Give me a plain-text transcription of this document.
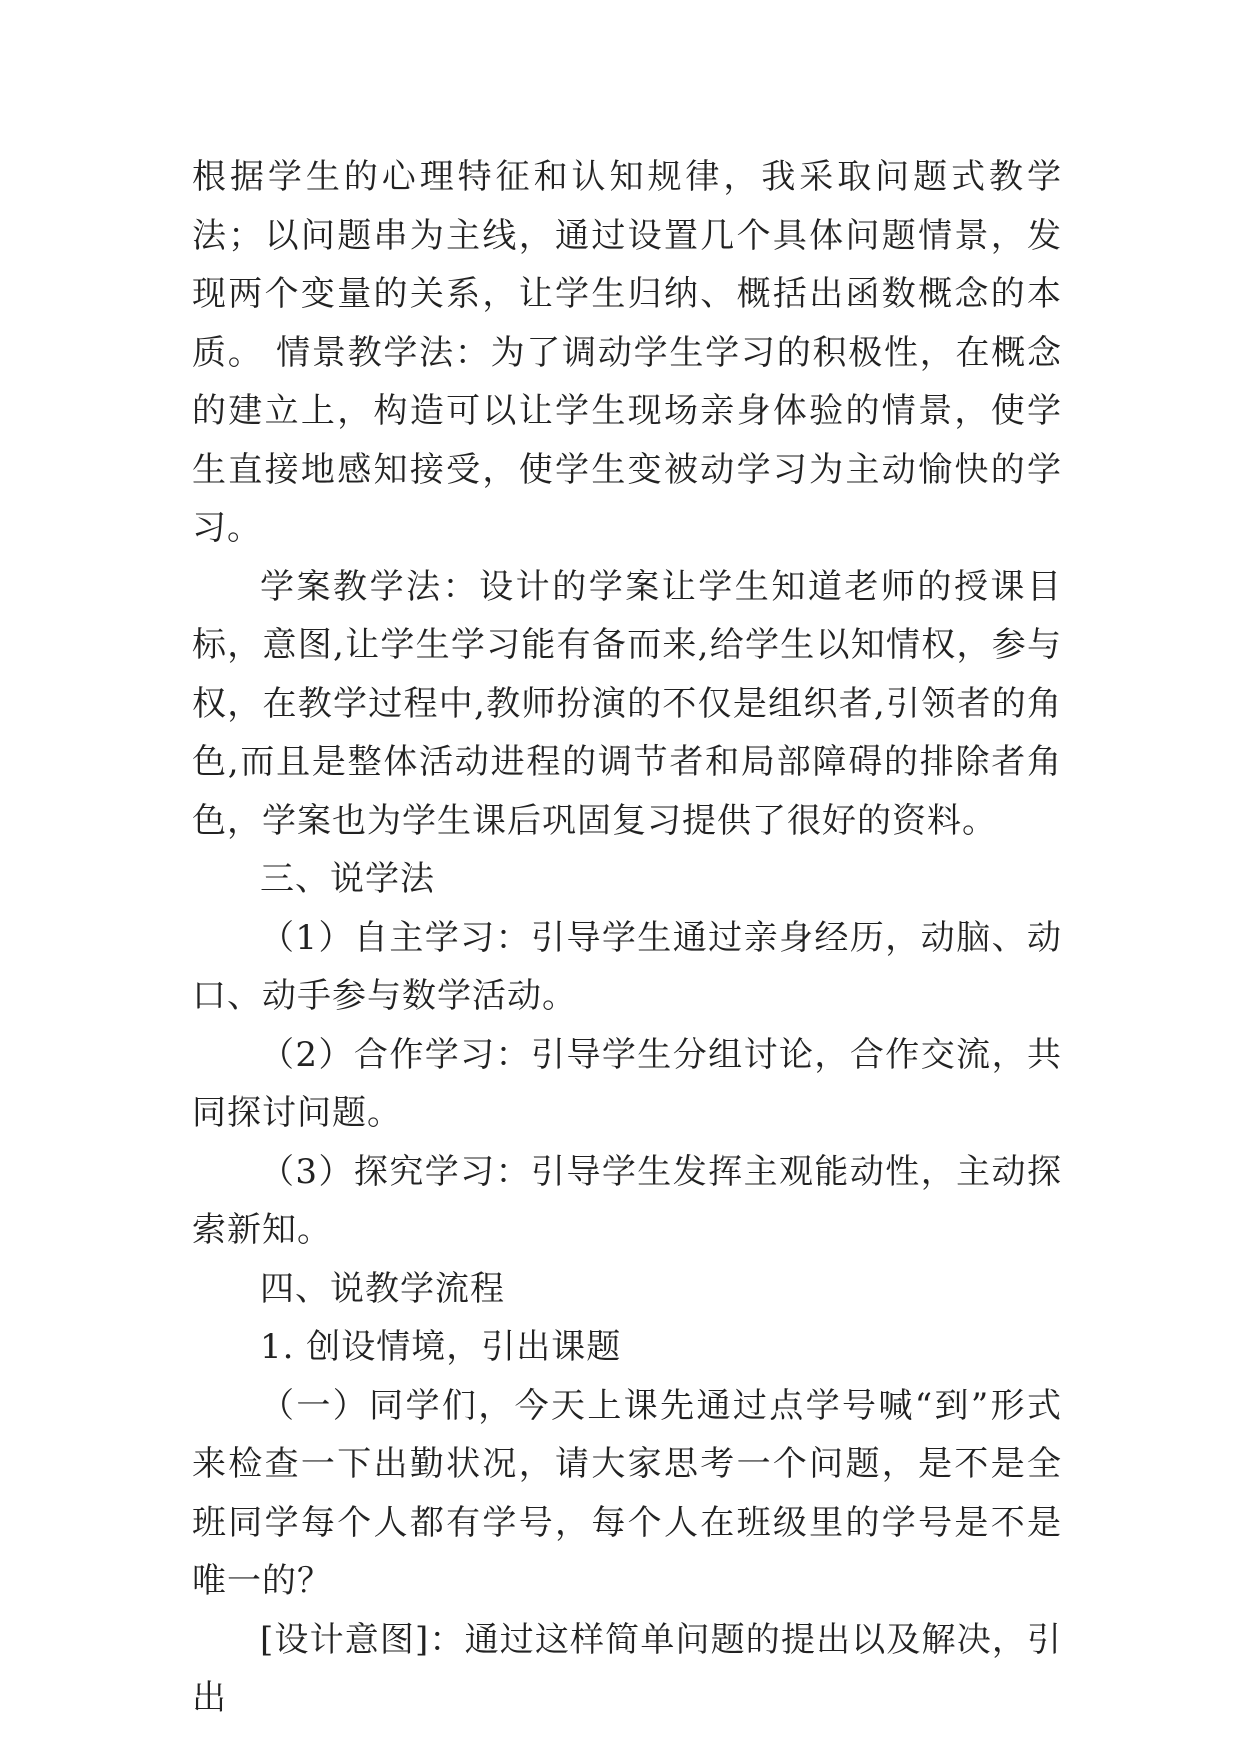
根据学生的心理特征和认知规律，我采取问题式教学法；以问题串为主线，通过设置几个具体问题情景，发现两个变量的关系，让学生归纳、概括出函数概念的本质。 情景教学法：为了调动学生学习的积极性，在概念的建立上，构造可以让学生现场亲身体验的情景，使学生直接地感知接受，使学生变被动学习为主动愉快的学习。

学案教学法：设计的学案让学生知道老师的授课目标，意图,让学生学习能有备而来,给学生以知情权，参与权，在教学过程中,教师扮演的不仅是组织者,引领者的角色,而且是整体活动进程的调节者和局部障碍的排除者角色，学案也为学生课后巩固复习提供了很好的资料。

三、说学法

（1）自主学习：引导学生通过亲身经历，动脑、动口、动手参与数学活动。

（2）合作学习：引导学生分组讨论，合作交流，共同探讨问题。

（3）探究学习：引导学生发挥主观能动性，主动探索新知。

四、说教学流程

1. 创设情境，引出课题

（一）同学们，今天上课先通过点学号喊“到”形式来检查一下出勤状况，请大家思考一个问题，是不是全班同学每个人都有学号，每个人在班级里的学号是不是唯一的？

[设计意图]：通过这样简单问题的提出以及解决，引出
